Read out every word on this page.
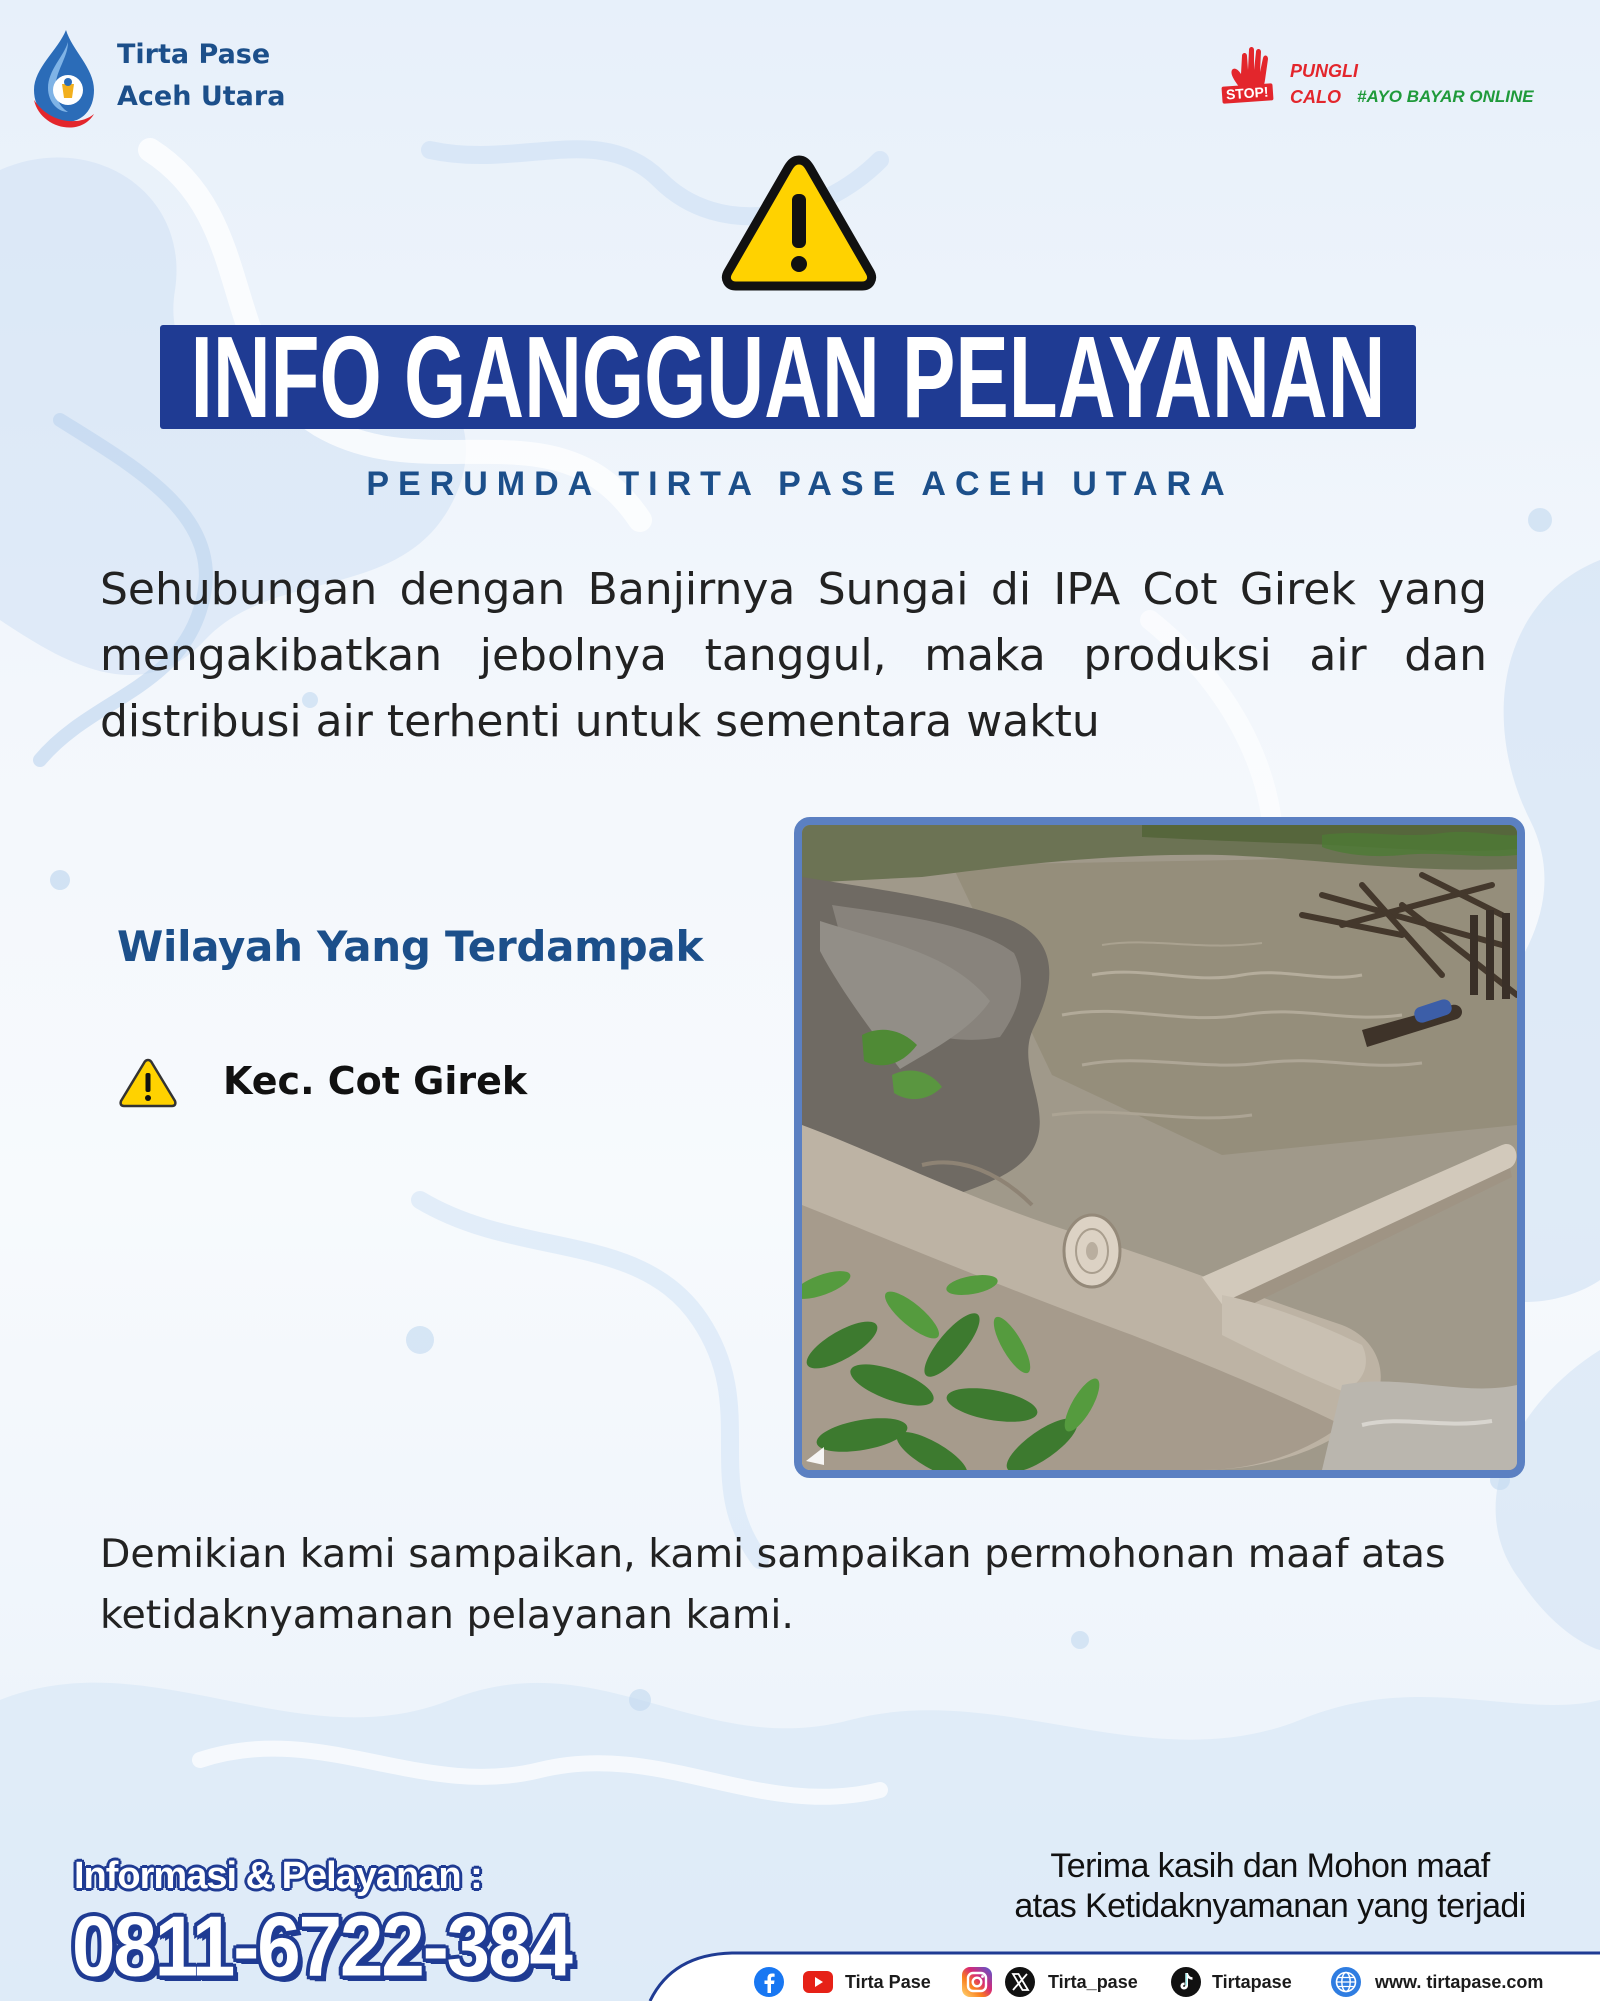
Tirta Pase
Aceh Utara	STOP!
PUNGLI
CALO #AYO BAYAR ONLINE
INFO GANGGUAN PELAYANAN
PERUMDA TIRTA PASE ACEH UTARA
Sehubungan dengan Banjirnya Sungai di IPA Cot Girek yang
mengakibatkan jebolnya tanggul, maka produksi air dan
distribusi air terhenti untuk sementara waktu
Wilayah Yang Terdampak
Kec. Cot Girek
Demikian kami sampaikan, kami sampaikan permohonan maaf atas
ketidaknyamanan pelayanan kami.
Informasi & Pelayanan :
0811-6722-384
Terima kasih dan Mohon maaf
atas Ketidaknyamanan yang terjadi
Tirta Pase	Tirta_pase	Tirtapase	www. tirtapase.com
